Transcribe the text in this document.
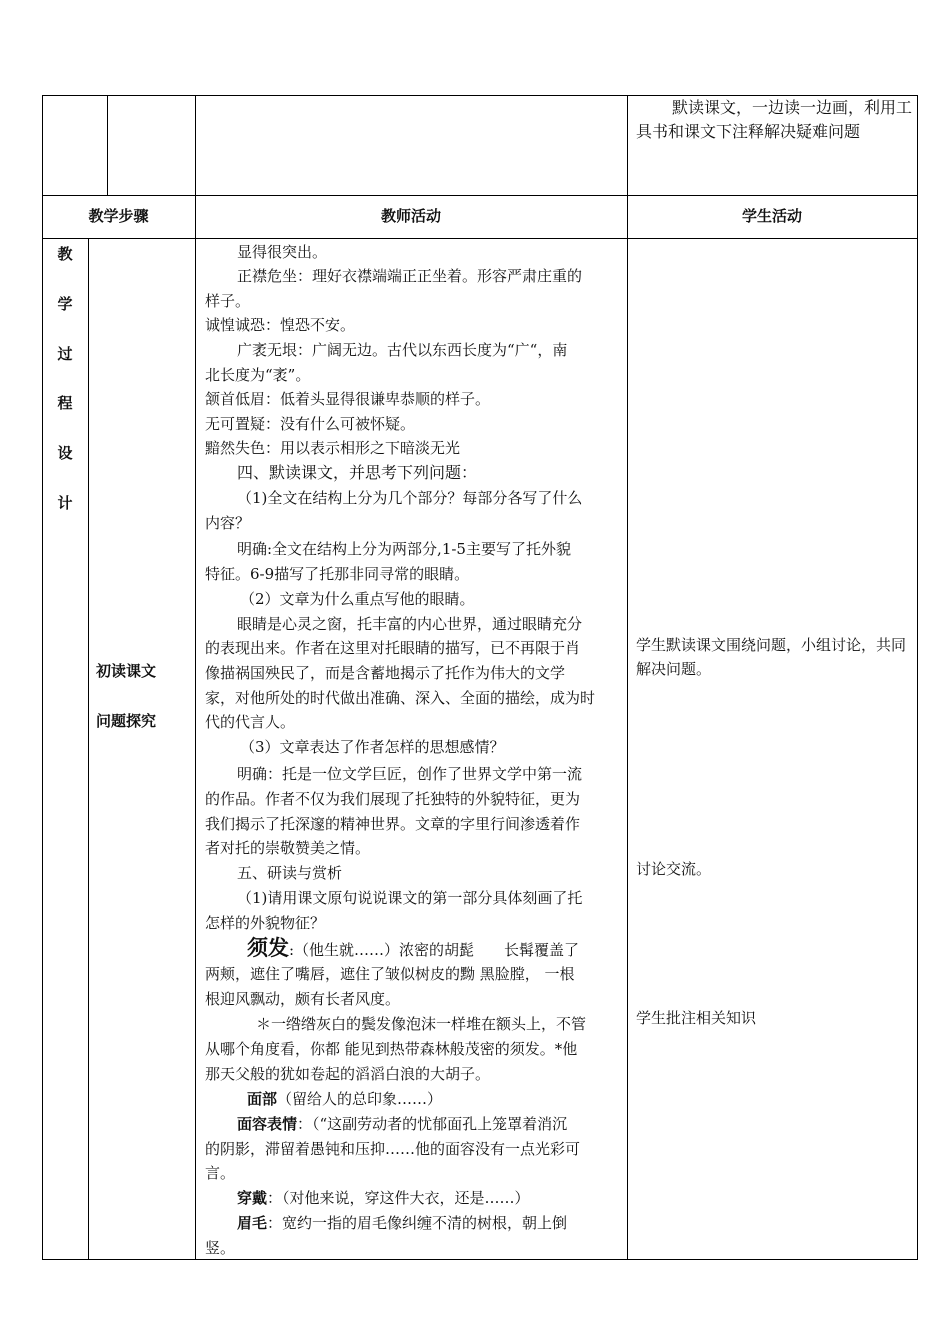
默读课文，一边读一边画，利用工具书和课文下注释解决疑难问题
教学步骤	教师活动	学生活动
教
学
过
程
设
计
初读课文
问题探究
显得很突出。
正襟危坐：理好衣襟端端正正坐着。形容严肃庄重的
样子。
诚惶诚恐：惶恐不安。
广袤无垠：广阔无边。古代以东西长度为“广“，南
北长度为“袤”。
颔首低眉：低着头显得很谦卑恭顺的样子。
无可置疑：没有什么可被怀疑。
黯然失色：用以表示相形之下暗淡无光
四、默读课文，并思考下列问题：
（1)全文在结构上分为几个部分？每部分各写了什么
内容？
明确:全文在结构上分为两部分,1-5主要写了托外貌
特征。6-9描写了托那非同寻常的眼睛。
（2）文章为什么重点写他的眼睛。
眼睛是心灵之窗，托丰富的内心世界，通过眼睛充分
的表现出来。作者在这里对托眼睛的描写，已不再限于肖
像描祸国殃民了，而是含蓄地揭示了托作为伟大的文学
家，对他所处的时代做出准确、深入、全面的描绘，成为时
代的代言人。
（3）文章表达了作者怎样的思想感情？
明确：托是一位文学巨匠，创作了世界文学中第一流
的作品。作者不仅为我们展现了托独特的外貌特征，更为
我们揭示了托深邃的精神世界。文章的字里行间渗透着作
者对托的崇敬赞美之情。
五、研读与赏析
（1)请用课文原句说说课文的第一部分具体刻画了托
怎样的外貌物征？
须发:（他生就……）浓密的胡髭　　长髯覆盖了
两颊，遮住了嘴唇，遮住了皱似树皮的黝 黑脸膛， 一根
根迎风飘动，颇有长者风度。
＊一绺绺灰白的鬓发像泡沫一样堆在额头上，不管
从哪个角度看，你都 能见到热带森林般茂密的须发。*他
那天父般的犹如卷起的滔滔白浪的大胡子。
面部（留给人的总印象……）
面容表情：（“这副劳动者的忧郁面孔上笼罩着消沉
的阴影，滞留着愚钝和压抑……他的面容没有一点光彩可
言。
穿戴：（对他来说，穿这件大衣，还是……）
眉毛：宽约一指的眉毛像纠缠不清的树根，朝上倒
竖。
学生默读课文围绕问题，小组讨论，共同解决问题。
讨论交流。
学生批注相关知识
